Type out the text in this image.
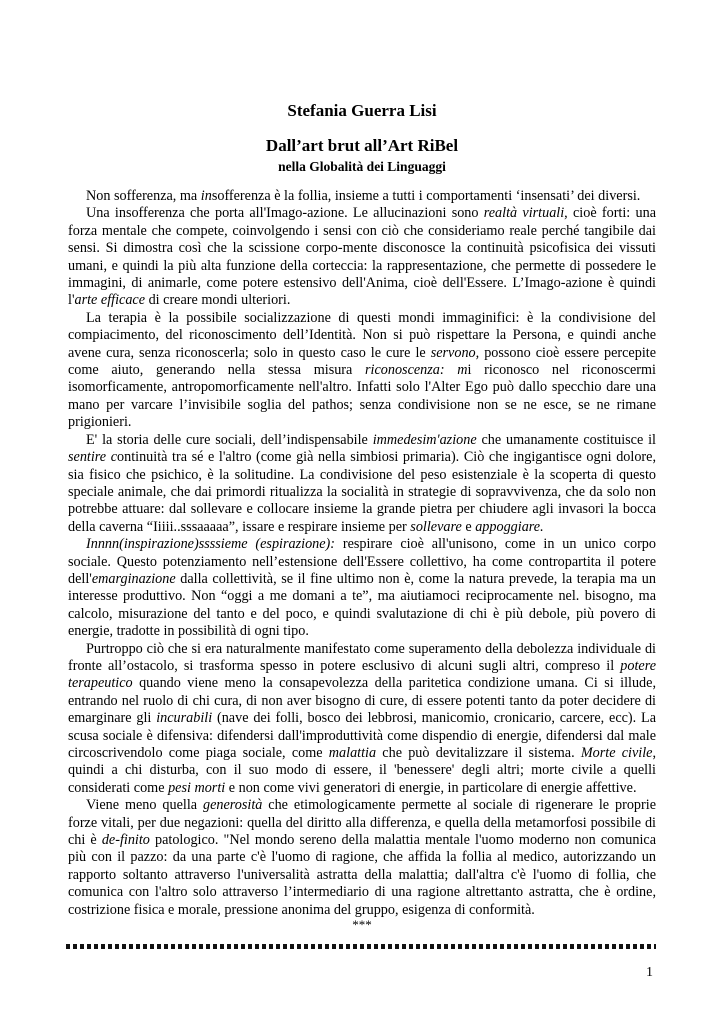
Stefania Guerra Lisi
Dall’art brut all’Art RiBel
nella Globalità dei Linguaggi

Non sofferenza, ma insofferenza è la follia, insieme a tutti i comportamenti ‘insensati’ dei diversi.

Una insofferenza che porta all'Imago-azione. Le allucinazioni sono realtà virtuali, cioè forti: una forza mentale che compete, coinvolgendo i sensi con ciò che consideriamo reale perché tangibile dai sensi. Si dimostra così che la scissione corpo-mente disconosce la continuità psicofisica dei vissuti umani, e quindi la più alta funzione della corteccia: la rappresentazione, che permette di possedere le immagini, di animarle, come potere estensivo dell'Anima, cioè dell'Essere. L’Imago-azione è quindi l'arte efficace di creare mondi ulteriori.

La terapia è la possibile socializzazione di questi mondi immaginifici: è la condivisione del compiacimento, del riconoscimento dell’Identità. Non si può rispettare la Persona, e quindi anche avene cura, senza riconoscerla; solo in questo caso le cure le servono, possono cioè essere percepite come aiuto, generando nella stessa misura riconoscenza: mi riconosco nel riconoscermi isomorficamente, antropomorficamente nell'altro. Infatti solo l'Alter Ego può dallo specchio dare una mano per varcare l’invisibile soglia del pathos; senza condivisione non se ne esce, se ne rimane prigionieri.

E' la storia delle cure sociali, dell’indispensabile immedesim'azione che umanamente costituisce il sentire continuità tra sé e l'altro (come già nella simbiosi primaria). Ciò che ingigantisce ogni dolore, sia fisico che psichico, è la solitudine. La condivisione del peso esistenziale è la scoperta di questo speciale animale, che dai primordi ritualizza la socialità in strategie di sopravvivenza, che da solo non potrebbe attuare: dal sollevare e collocare insieme la grande pietra per chiudere agli invasori la bocca della caverna “Iiiii..sssaaaaa”, issare e respirare insieme per sollevare e appoggiare.

Innnn(inspirazione)ssssieme (espirazione): respirare cioè all'unisono, come in un unico corpo sociale. Questo potenziamento nell’estensione dell'Essere collettivo, ha come contropartita il potere dell'emarginazione dalla collettività, se il fine ultimo non è, come la natura prevede, la terapia ma un interesse produttivo. Non “oggi a me domani a te”, ma aiutiamoci reciprocamente nel. bisogno, ma calcolo, misurazione del tanto e del poco, e quindi svalutazione di chi è più debole, più povero di energie, tradotte in possibilità di ogni tipo.

Purtroppo ciò che si era naturalmente manifestato come superamento della debolezza individuale di fronte all’ostacolo, si trasforma spesso in potere esclusivo di alcuni sugli altri, compreso il potere terapeutico quando viene meno la consapevolezza della paritetica condizione umana. Ci si illude, entrando nel ruolo di chi cura, di non aver bisogno di cure, di essere potenti tanto da poter decidere di emarginare gli incurabili (nave dei folli, bosco dei lebbrosi, manicomio, cronicario, carcere, ecc). La scusa sociale è difensiva: difendersi dall'improduttività come dispendio di energie, difendersi dal male circoscrivendolo come piaga sociale, come malattia che può devitalizzare il sistema. Morte civile, quindi a chi disturba, con il suo modo di essere, il 'benessere' degli altri; morte civile a quelli considerati come pesi morti e non come vivi generatori di energie, in particolare di energie affettive.

Viene meno quella generosità che etimologicamente permette al sociale di rigenerare le proprie forze vitali, per due negazioni: quella del diritto alla differenza, e quella della metamorfosi possibile di chi è de-finito patologico. "Nel mondo sereno della malattia mentale l'uomo moderno non comunica più con il pazzo: da una parte c'è l'uomo di ragione, che affida la follia al medico, autorizzando un rapporto soltanto attraverso l'universalità astratta della malattia; dall'altra c'è l'uomo di follia, che comunica con l'altro solo attraverso l’intermediario di una ragione altrettanto astratta, che è ordine, costrizione fisica e morale, pressione anonima del gruppo, esigenza di conformità.

***
1
